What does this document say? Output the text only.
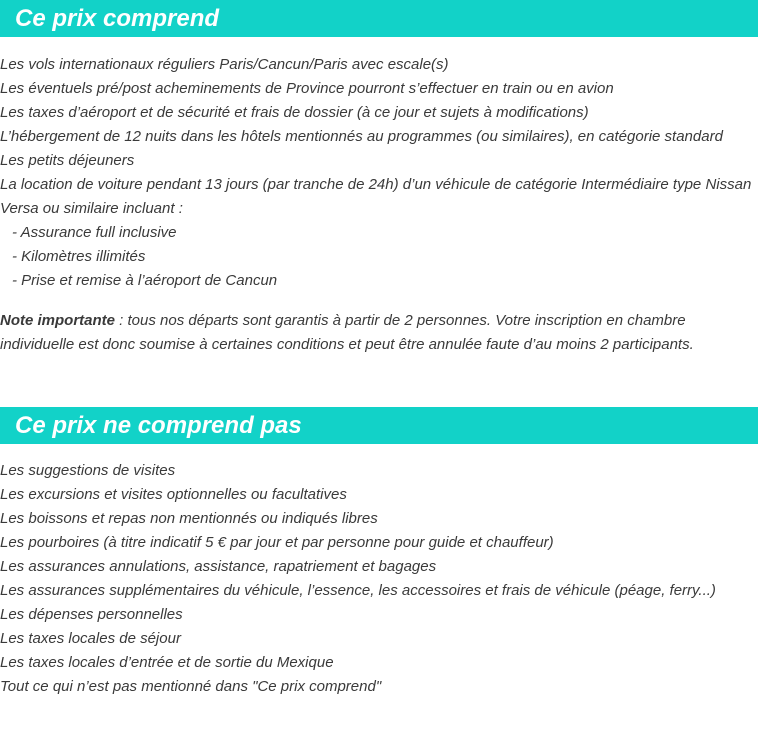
Ce prix comprend
Les vols internationaux réguliers Paris/Cancun/Paris avec escale(s)
Les éventuels pré/post acheminements de Province pourront s’effectuer en train ou en avion
Les taxes d’aéroport et de sécurité et frais de dossier (à ce jour et sujets à modifications)
L’hébergement de 12 nuits dans les hôtels mentionnés au programmes (ou similaires), en catégorie standard
Les petits déjeuners
La location de voiture pendant 13 jours (par tranche de 24h) d’un véhicule de catégorie Intermédiaire type Nissan Versa ou similaire incluant :
- Assurance full inclusive
- Kilomètres illimités
- Prise et remise à l’aéroport de Cancun
Note importante : tous nos départs sont garantis à partir de 2 personnes. Votre inscription en chambre individuelle est donc soumise à certaines conditions et peut être annulée faute d’au moins 2 participants.
Ce prix ne comprend pas
Les suggestions de visites
Les excursions et visites optionnelles ou facultatives
Les boissons et repas non mentionnés ou indiqués libres
Les pourboires (à titre indicatif 5 € par jour et par personne pour guide et chauffeur)
Les assurances annulations, assistance, rapatriement et bagages
Les assurances supplémentaires du véhicule, l’essence, les accessoires et frais de véhicule (péage, ferry...)
Les dépenses personnelles
Les taxes locales de séjour
Les taxes locales d’entrée et de sortie du Mexique
Tout ce qui n’est pas mentionné dans "Ce prix comprend"
